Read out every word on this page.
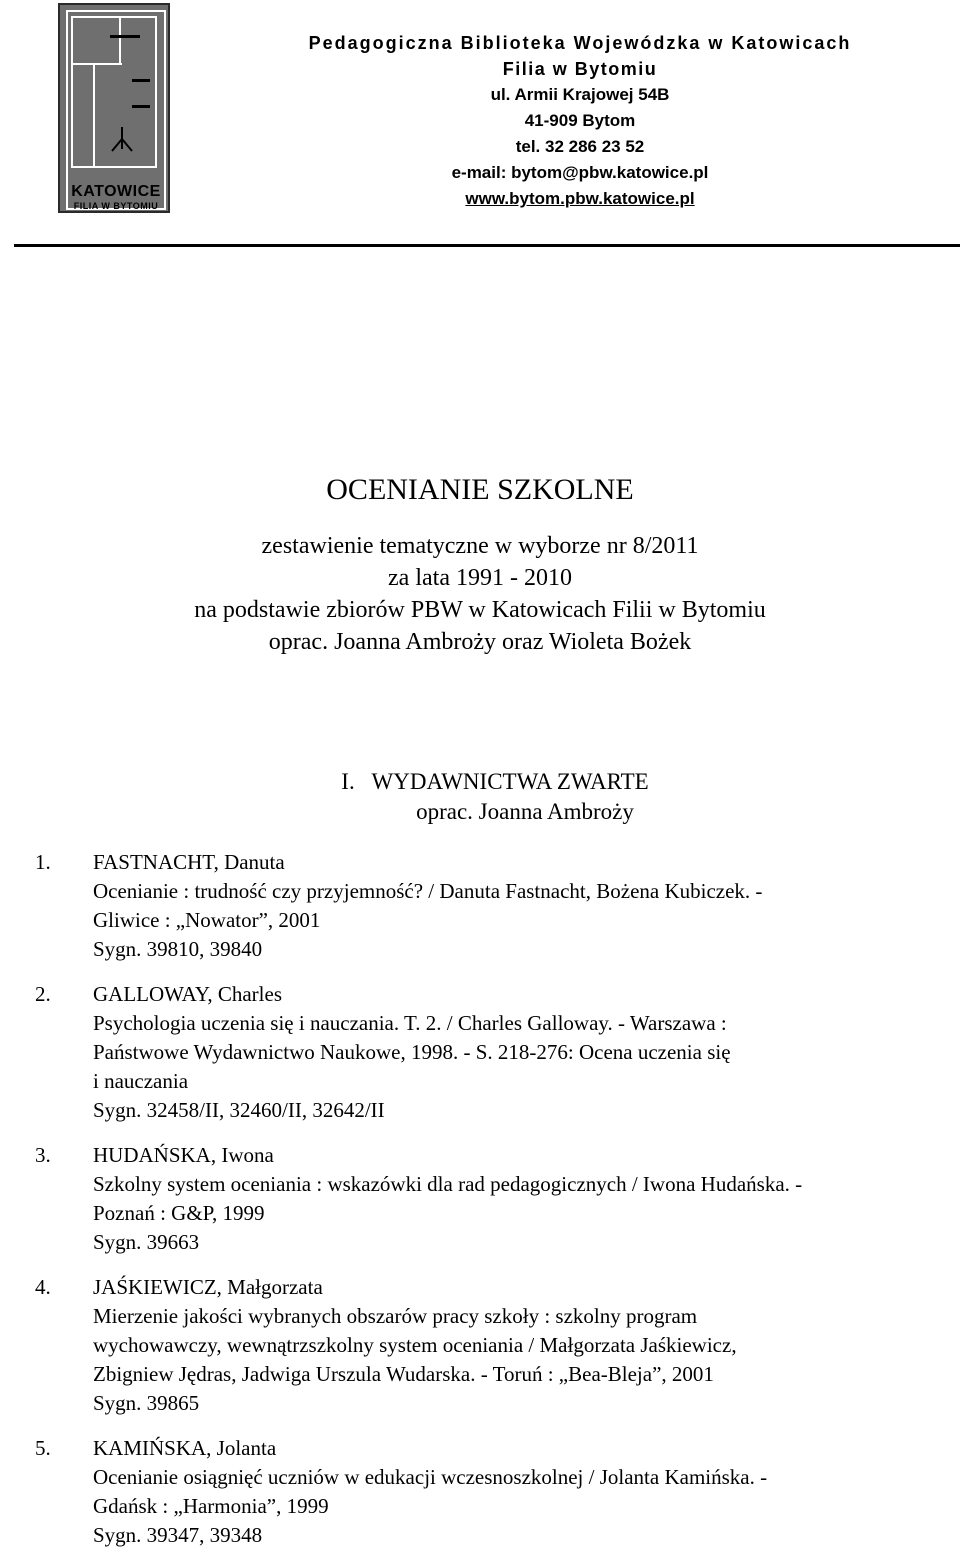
KATOWICE
FILIA W BYTOMIU
Pedagogiczna Biblioteka Wojewódzka w Katowicach
Filia w Bytomiu
ul. Armii Krajowej 54B
41-909 Bytom
tel. 32 286 23 52
e-mail: bytom@pbw.katowice.pl
www.bytom.pbw.katowice.pl
OCENIANIE SZKOLNE
zestawienie tematyczne w wyborze nr 8/2011
za lata 1991 - 2010
na podstawie zbiorów PBW w Katowicach Filii w Bytomiu
oprac. Joanna Ambroży oraz Wioleta Bożek
I.   WYDAWNICTWA ZWARTE
oprac. Joanna Ambroży
1. FASTNACHT, Danuta
Ocenianie : trudność czy przyjemność? / Danuta Fastnacht, Bożena Kubiczek. -
Gliwice : „Nowator”, 2001
Sygn. 39810, 39840
2. GALLOWAY, Charles
Psychologia uczenia się i nauczania. T. 2. / Charles Galloway. - Warszawa :
Państwowe Wydawnictwo Naukowe, 1998. - S. 218-276: Ocena uczenia się
i nauczania
Sygn. 32458/II, 32460/II, 32642/II
3. HUDAŃSKA, Iwona
Szkolny system oceniania : wskazówki dla rad pedagogicznych / Iwona Hudańska. -
Poznań : G&P, 1999
Sygn. 39663
4. JAŚKIEWICZ, Małgorzata
Mierzenie jakości wybranych obszarów pracy szkoły : szkolny program
wychowawczy, wewnątrzszkolny system oceniania / Małgorzata Jaśkiewicz,
Zbigniew Jędras, Jadwiga Urszula Wudarska. - Toruń : „Bea-Bleja”, 2001
Sygn. 39865
5. KAMIŃSKA, Jolanta
Ocenianie osiągnięć uczniów w edukacji wczesnoszkolnej / Jolanta Kamińska. -
Gdańsk : „Harmonia”, 1999
Sygn. 39347, 39348
